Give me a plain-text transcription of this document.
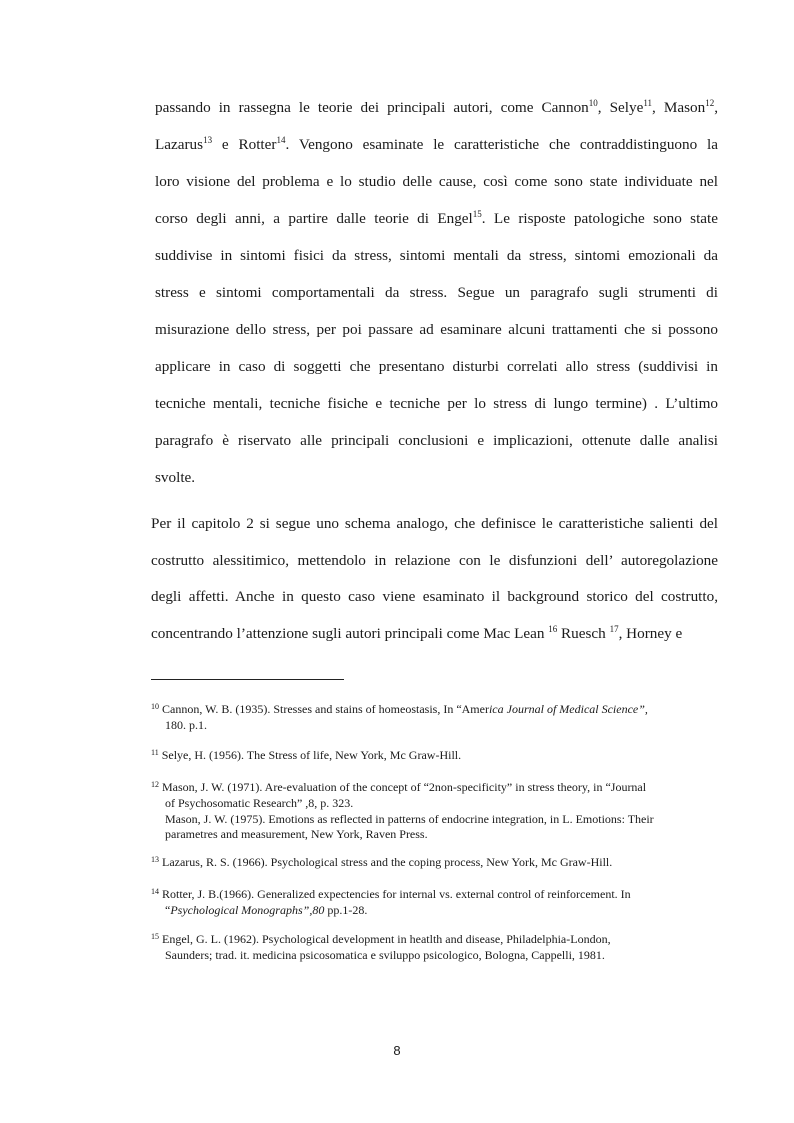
passando in rassegna le teorie dei principali autori, come Cannon$^{10}$, Selye$^{11}$, Mason$^{12}$,
Lazarus$^{13}$ e Rotter$^{14}$. Vengono esaminate le caratteristiche che contraddistinguono la
loro visione del problema e lo studio delle cause, così come sono state individuate nel
corso degli anni, a partire dalle teorie di Engel$^{15}$. Le risposte patologiche sono state
suddivise in sintomi fisici da stress, sintomi mentali da stress, sintomi emozionali da
stress e sintomi comportamentali da stress. Segue un paragrafo sugli strumenti di
misurazione dello stress, per poi passare ad esaminare alcuni trattamenti che si possono
applicare in caso di soggetti che presentano disturbi correlati allo stress (suddivisi in
tecniche mentali, tecniche fisiche e tecniche per lo stress di lungo termine) . L’ultimo
paragrafo è riservato alle principali conclusioni e implicazioni, ottenute dalle analisi
svolte.
Per il capitolo 2 si segue uno schema analogo, che definisce le caratteristiche salienti del
costrutto alessitimico, mettendolo in relazione con le disfunzioni dell’ autoregolazione
degli affetti. Anche in questo caso viene esaminato il background storico del costrutto,
concentrando l’attenzione sugli autori principali come Mac Lean $^{16}$ Ruesch $^{17}$, Horney e
$^{10}$ Cannon, W. B. (1935). Stresses and stains of homeostasis, In “America Journal of Medical Science”,
180. p.1.
$^{11}$ Selye, H. (1956). The Stress of life, New York, Mc Graw-Hill.
$^{12}$ Mason, J. W. (1971). Are-evaluation of the concept of “2non-specificity” in stress theory, in “Journal
of Psychosomatic Research” ,8, p. 323.
Mason, J. W. (1975). Emotions as reflected in patterns of endocrine integration, in L. Emotions: Their
parametres and measurement, New York, Raven Press.
$^{13}$ Lazarus, R. S. (1966). Psychological stress and the coping process, New York, Mc Graw-Hill.
$^{14}$ Rotter, J. B.(1966). Generalized expectencies for internal vs. external control of reinforcement. In
“Psychological Monographs”,80 pp.1-28.
$^{15}$ Engel, G. L. (1962). Psychological development in heatlth and disease, Philadelphia-London,
Saunders; trad. it. medicina psicosomatica e sviluppo psicologico, Bologna, Cappelli, 1981.
8
